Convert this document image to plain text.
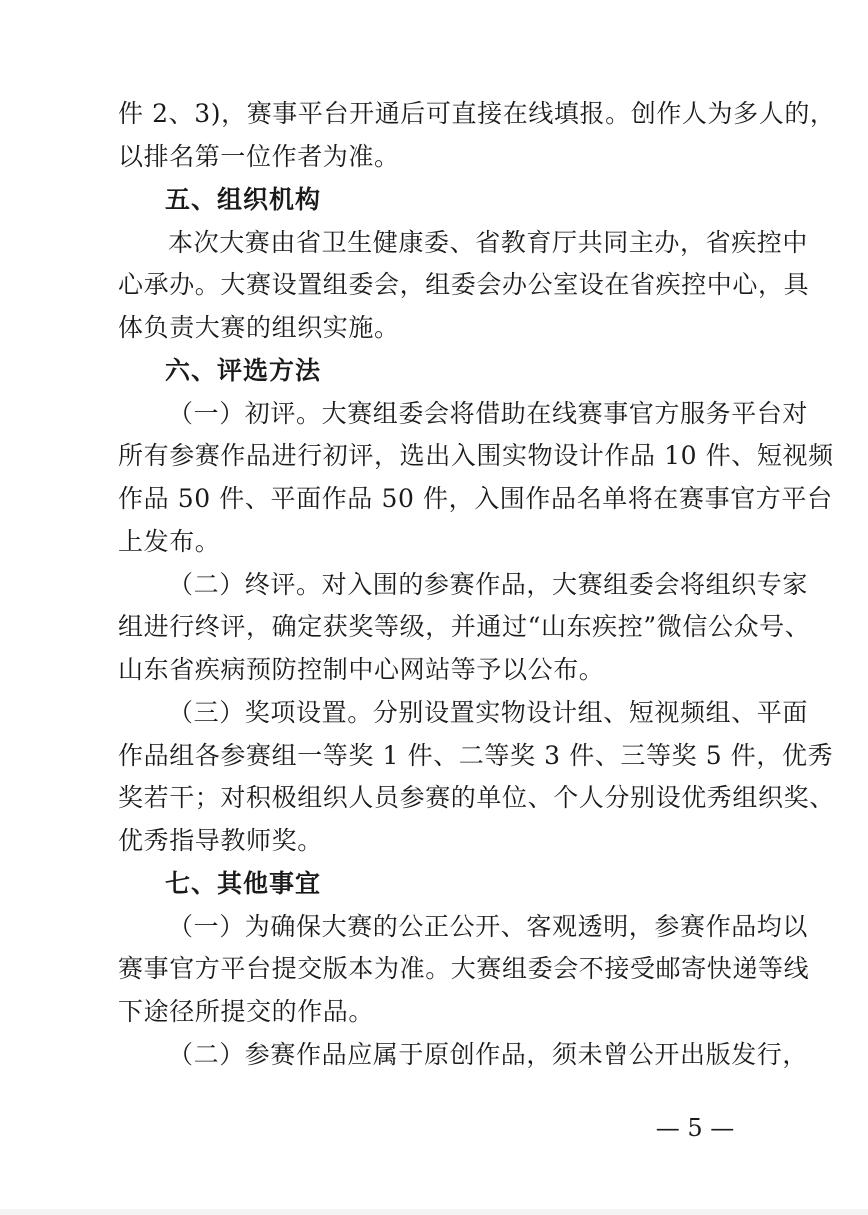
件 2、3)，赛事平台开通后可直接在线填报。创作人为多人的，
以排名第一位作者为准。
五、组织机构
本次大赛由省卫生健康委、省教育厅共同主办，省疾控中
心承办。大赛设置组委会，组委会办公室设在省疾控中心，具
体负责大赛的组织实施。
六、评选方法
（一）初评。大赛组委会将借助在线赛事官方服务平台对
所有参赛作品进行初评，选出入围实物设计作品 10 件、短视频
作品 50 件、平面作品 50 件，入围作品名单将在赛事官方平台
上发布。
（二）终评。对入围的参赛作品，大赛组委会将组织专家
组进行终评，确定获奖等级，并通过“山东疾控”微信公众号、
山东省疾病预防控制中心网站等予以公布。
（三）奖项设置。分别设置实物设计组、短视频组、平面
作品组各参赛组一等奖 1 件、二等奖 3 件、三等奖 5 件，优秀
奖若干；对积极组织人员参赛的单位、个人分别设优秀组织奖、
优秀指导教师奖。
七、其他事宜
（一）为确保大赛的公正公开、客观透明，参赛作品均以
赛事官方平台提交版本为准。大赛组委会不接受邮寄快递等线
下途径所提交的作品。
（二）参赛作品应属于原创作品，须未曾公开出版发行，
— 5 —
